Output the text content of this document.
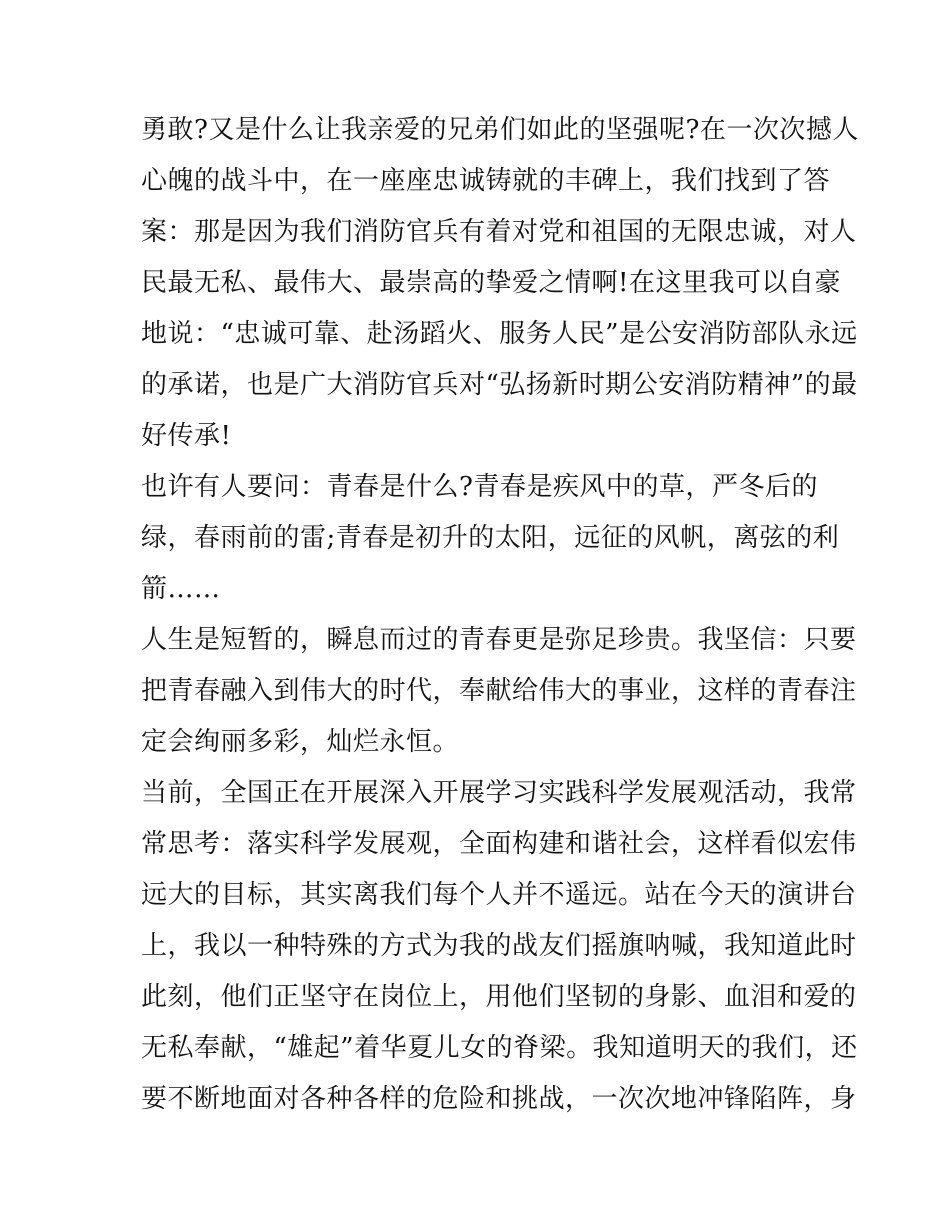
勇敢?又是什么让我亲爱的兄弟们如此的坚强呢?在一次次撼人
心魄的战斗中，在一座座忠诚铸就的丰碑上，我们找到了答
案：那是因为我们消防官兵有着对党和祖国的无限忠诚，对人
民最无私、最伟大、最崇高的挚爱之情啊!在这里我可以自豪
地说：“忠诚可靠、赴汤蹈火、服务人民”是公安消防部队永远
的承诺，也是广大消防官兵对“弘扬新时期公安消防精神”的最
好传承!
也许有人要问：青春是什么?青春是疾风中的草，严冬后的
绿，春雨前的雷;青春是初升的太阳，远征的风帆，离弦的利
箭……
人生是短暂的，瞬息而过的青春更是弥足珍贵。我坚信：只要
把青春融入到伟大的时代，奉献给伟大的事业，这样的青春注
定会绚丽多彩，灿烂永恒。
当前，全国正在开展深入开展学习实践科学发展观活动，我常
常思考：落实科学发展观，全面构建和谐社会，这样看似宏伟
远大的目标，其实离我们每个人并不遥远。站在今天的演讲台
上，我以一种特殊的方式为我的战友们摇旗呐喊，我知道此时
此刻，他们正坚守在岗位上，用他们坚韧的身影、血泪和爱的
无私奉献，“雄起”着华夏儿女的脊梁。我知道明天的我们，还
要不断地面对各种各样的危险和挑战，一次次地冲锋陷阵，身
